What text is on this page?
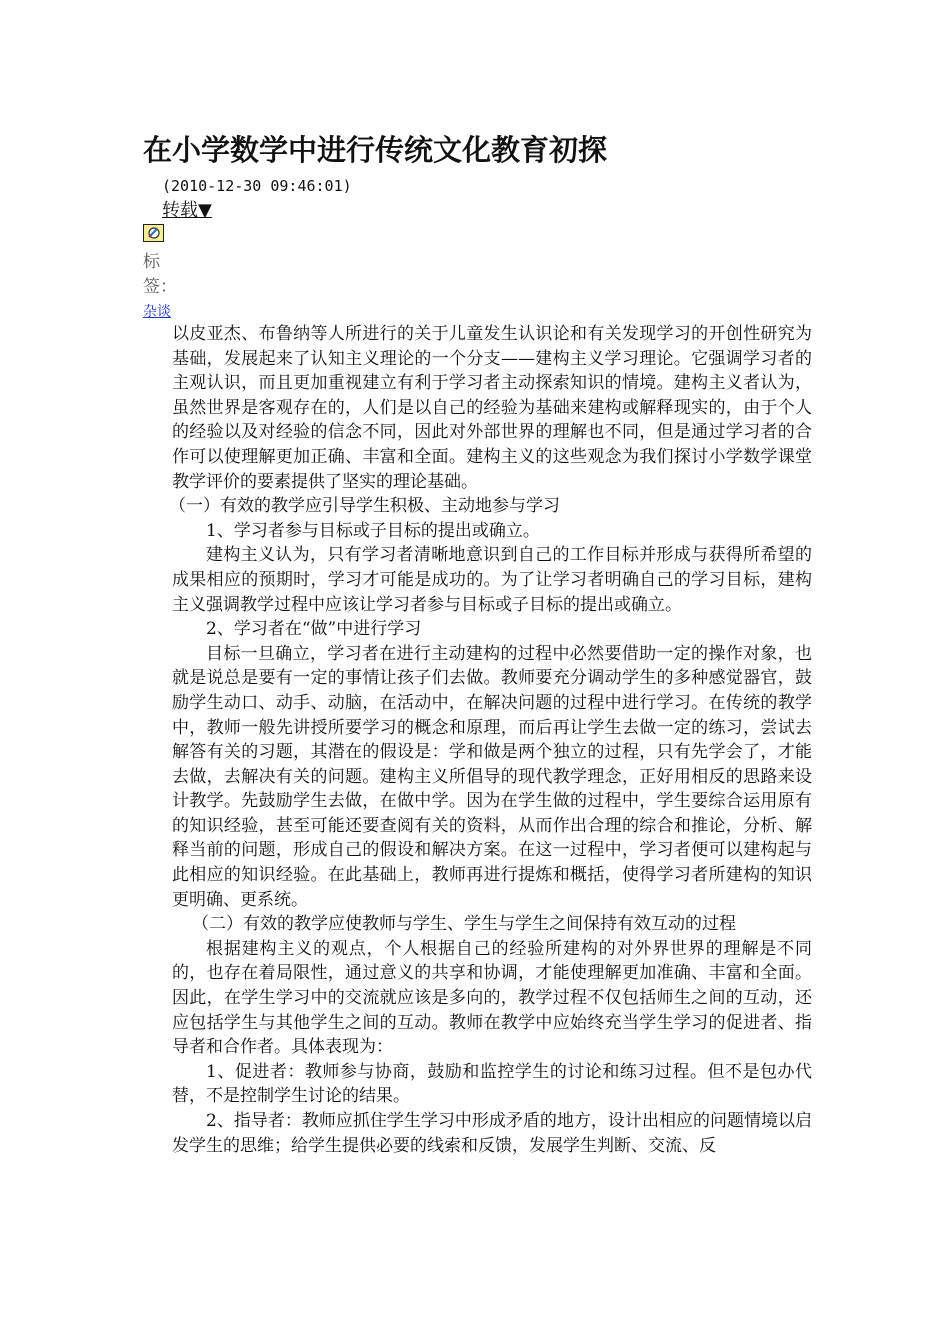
在小学数学中进行传统文化教育初探
(2010-12-30 09:46:01)
转载▼
标签：
杂谈

以皮亚杰、布鲁纳等人所进行的关于儿童发生认识论和有关发现学习的开创性研究为基础，发展起来了认知主义理论的一个分支——建构主义学习理论。它强调学习者的主观认识，而且更加重视建立有利于学习者主动探索知识的情境。建构主义者认为，虽然世界是客观存在的，人们是以自己的经验为基础来建构或解释现实的，由于个人的经验以及对经验的信念不同，因此对外部世界的理解也不同，但是通过学习者的合作可以使理解更加正确、丰富和全面。建构主义的这些观念为我们探讨小学数学课堂教学评价的要素提供了坚实的理论基础。

（一）有效的教学应引导学生积极、主动地参与学习

1、学习者参与目标或子目标的提出或确立。

建构主义认为，只有学习者清晰地意识到自己的工作目标并形成与获得所希望的成果相应的预期时，学习才可能是成功的。为了让学习者明确自己的学习目标，建构主义强调教学过程中应该让学习者参与目标或子目标的提出或确立。

2、学习者在“做”中进行学习

目标一旦确立，学习者在进行主动建构的过程中必然要借助一定的操作对象，也就是说总是要有一定的事情让孩子们去做。教师要充分调动学生的多种感觉器官，鼓励学生动口、动手、动脑，在活动中，在解决问题的过程中进行学习。在传统的教学中，教师一般先讲授所要学习的概念和原理，而后再让学生去做一定的练习，尝试去解答有关的习题，其潜在的假设是：学和做是两个独立的过程，只有先学会了，才能去做，去解决有关的问题。建构主义所倡导的现代教学理念，正好用相反的思路来设计教学。先鼓励学生去做，在做中学。因为在学生做的过程中，学生要综合运用原有的知识经验，甚至可能还要查阅有关的资料，从而作出合理的综合和推论，分析、解释当前的问题，形成自己的假设和解决方案。在这一过程中，学习者便可以建构起与此相应的知识经验。在此基础上，教师再进行提炼和概括，使得学习者所建构的知识更明确、更系统。

（二）有效的教学应使教师与学生、学生与学生之间保持有效互动的过程

根据建构主义的观点，个人根据自己的经验所建构的对外界世界的理解是不同的，也存在着局限性，通过意义的共享和协调，才能使理解更加准确、丰富和全面。因此，在学生学习中的交流就应该是多向的，教学过程不仅包括师生之间的互动，还应包括学生与其他学生之间的互动。教师在教学中应始终充当学生学习的促进者、指导者和合作者。具体表现为：

1、促进者：教师参与协商，鼓励和监控学生的讨论和练习过程。但不是包办代替，不是控制学生讨论的结果。

2、指导者：教师应抓住学生学习中形成矛盾的地方，设计出相应的问题情境以启发学生的思维；给学生提供必要的线索和反馈，发展学生判断、交流、反
